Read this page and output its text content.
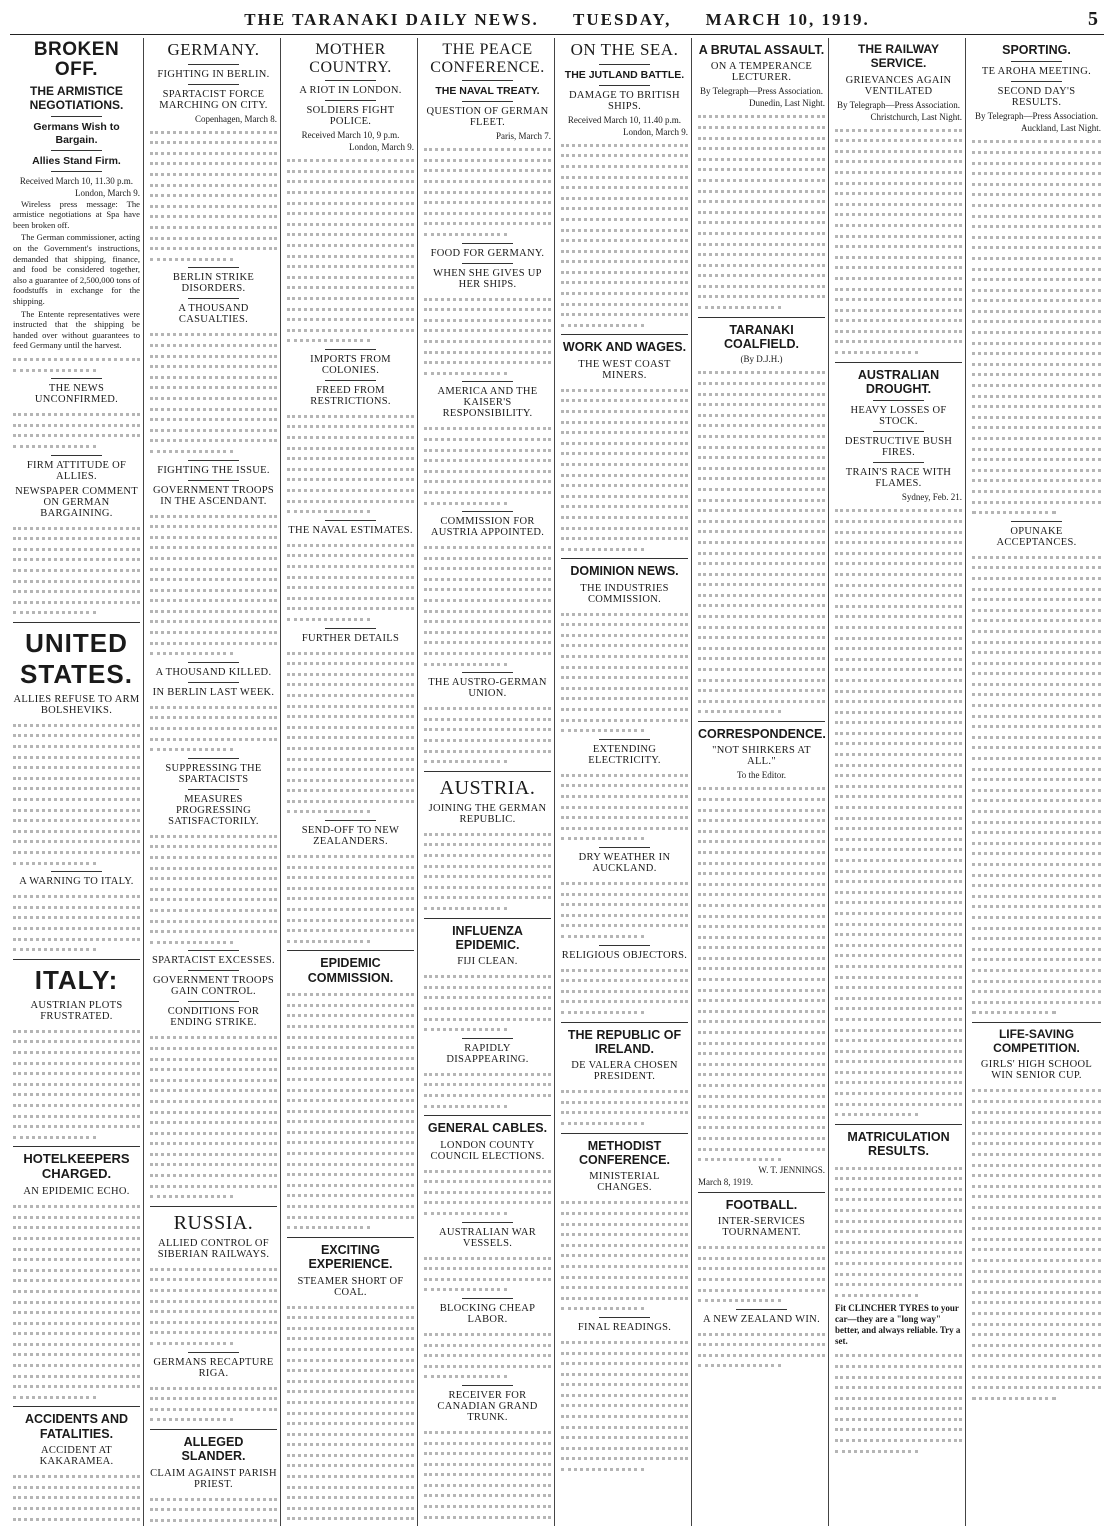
THE TARANAKI DAILY NEWS. TUESDAY, MARCH 10, 1919.	5
BROKEN OFF.
THE ARMISTICE NEGOTIATIONS.
Germans Wish to Bargain.
Allies Stand Firm.
Received March 10, 11.30 p.m.
London, March 9.

Wireless press message: The armistice negotiations at Spa have been broken off.

The German commissioner, acting on the Government's instructions, demanded that shipping, finance, and food be considered together, also a guarantee of 2,500,000 tons of foodstuffs in exchange for the shipping.

The Entente representatives were instructed that the shipping be handed over without guarantees to feed Germany until the harvest.

THE NEWS UNCONFIRMED.
FIRM ATTITUDE OF ALLIES.
NEWSPAPER COMMENT ON GERMAN BARGAINING.
UNITED STATES.
ALLIES REFUSE TO ARM BOLSHEVIKS.
A WARNING TO ITALY.
ITALY:
AUSTRIAN PLOTS FRUSTRATED.
HOTELKEEPERS CHARGED.
AN EPIDEMIC ECHO.
ACCIDENTS AND FATALITIES.
ACCIDENT AT KAKARAMEA.
GERMANY.
FIGHTING IN BERLIN.
SPARTACIST FORCE MARCHING ON CITY.
Copenhagen, March 8.
BERLIN STRIKE DISORDERS.
A THOUSAND CASUALTIES.
FIGHTING THE ISSUE.
GOVERNMENT TROOPS IN THE ASCENDANT.
A THOUSAND KILLED.
IN BERLIN LAST WEEK.
SUPPRESSING THE SPARTACISTS
MEASURES PROGRESSING SATISFACTORILY.
SPARTACIST EXCESSES.
GOVERNMENT TROOPS GAIN CONTROL.
CONDITIONS FOR ENDING STRIKE.
RUSSIA.
ALLIED CONTROL OF SIBERIAN RAILWAYS.
GERMANS RECAPTURE RIGA.
ALLEGED SLANDER.
CLAIM AGAINST PARISH PRIEST.
MOTHER COUNTRY.
A RIOT IN LONDON.
SOLDIERS FIGHT POLICE.
Received March 10, 9 p.m.
London, March 9.
IMPORTS FROM COLONIES.
FREED FROM RESTRICTIONS.
THE NAVAL ESTIMATES.
FURTHER DETAILS
SEND-OFF TO NEW ZEALANDERS.
EPIDEMIC COMMISSION.
EXCITING EXPERIENCE.
STEAMER SHORT OF COAL.
THE PEACE CONFERENCE.
THE NAVAL TREATY.
QUESTION OF GERMAN FLEET.
Paris, March 7.
FOOD FOR GERMANY.
WHEN SHE GIVES UP HER SHIPS.
AMERICA AND THE KAISER'S RESPONSIBILITY.
COMMISSION FOR AUSTRIA APPOINTED.
THE AUSTRO-GERMAN UNION.
AUSTRIA.
JOINING THE GERMAN REPUBLIC.
INFLUENZA EPIDEMIC.
FIJI CLEAN.
RAPIDLY DISAPPEARING.
GENERAL CABLES.
LONDON COUNTY COUNCIL ELECTIONS.
AUSTRALIAN WAR VESSELS.
BLOCKING CHEAP LABOR.
RECEIVER FOR CANADIAN GRAND TRUNK.
ON THE SEA.
THE JUTLAND BATTLE.
DAMAGE TO BRITISH SHIPS.
Received March 10, 11.40 p.m.
London, March 9.
WORK AND WAGES.
THE WEST COAST MINERS.
DOMINION NEWS.
THE INDUSTRIES COMMISSION.
EXTENDING ELECTRICITY.
DRY WEATHER IN AUCKLAND.
RELIGIOUS OBJECTORS.
THE REPUBLIC OF IRELAND.
DE VALERA CHOSEN PRESIDENT.
METHODIST CONFERENCE.
MINISTERIAL CHANGES.
FINAL READINGS.
A BRUTAL ASSAULT.
ON A TEMPERANCE LECTURER.
By Telegraph—Press Association.
Dunedin, Last Night.
TARANAKI COALFIELD.
(By D.J.H.)
CORRESPONDENCE.
"NOT SHIRKERS AT ALL."
To the Editor.
W. T. JENNINGS.
March 8, 1919.
FOOTBALL.
INTER-SERVICES TOURNAMENT.
A NEW ZEALAND WIN.
THE RAILWAY SERVICE.
GRIEVANCES AGAIN VENTILATED
By Telegraph—Press Association.
Christchurch, Last Night.
AUSTRALIAN DROUGHT.
HEAVY LOSSES OF STOCK.
DESTRUCTIVE BUSH FIRES.
TRAIN'S RACE WITH FLAMES.
Sydney, Feb. 21.
MATRICULATION RESULTS.
Fit CLINCHER TYRES to your car—they are a "long way" better, and always reliable. Try a set.
SPORTING.
TE AROHA MEETING.
SECOND DAY'S RESULTS.
By Telegraph—Press Association.
Auckland, Last Night.
OPUNAKE ACCEPTANCES.
LIFE-SAVING COMPETITION.
GIRLS' HIGH SCHOOL WIN SENIOR CUP.
